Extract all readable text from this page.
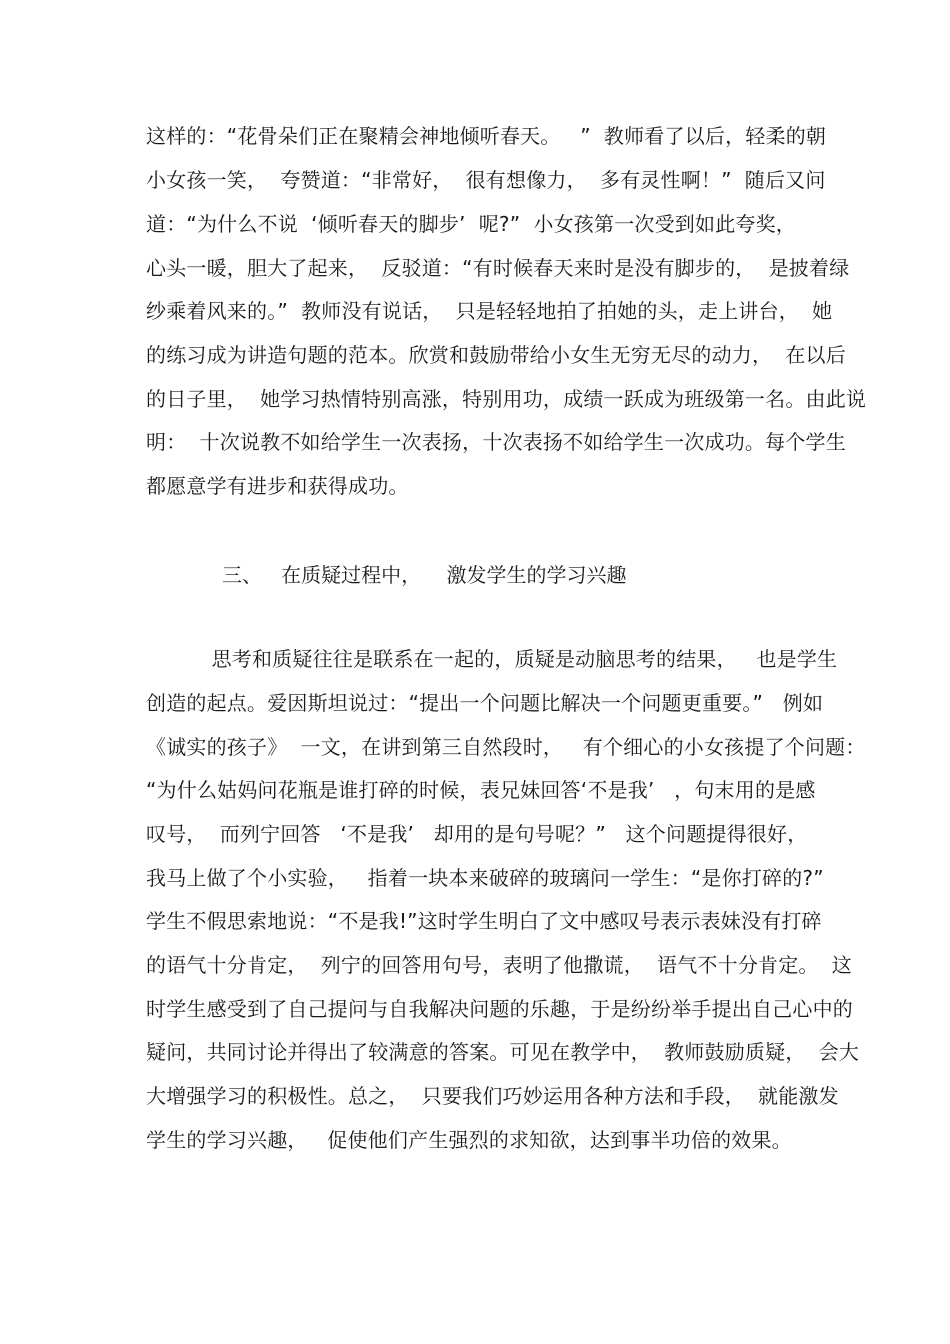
这样的：“花骨朵们正在聚精会神地倾听春天。   ”  教师看了以后，轻柔的朝
小女孩一笑，  夸赞道：“非常好，  很有想像力，  多有灵性啊！”  随后又问
道：“为什么不说  ‘倾听春天的脚步’  呢?”  小女孩第一次受到如此夸奖，
心头一暖，胆大了起来，  反驳道：“有时候春天来时是没有脚步的，  是披着绿
纱乘着风来的。”  教师没有说话，  只是轻轻地拍了拍她的头，走上讲台，  她
的练习成为讲造句题的范本。欣赏和鼓励带给小女生无穷无尽的动力，  在以后
的日子里，  她学习热情特别高涨，特别用功，成绩一跃成为班级第一名。由此说
明：  十次说教不如给学生一次表扬，十次表扬不如给学生一次成功。每个学生
都愿意学有进步和获得成功。
三、   在质疑过程中，    激发学生的学习兴趣
思考和质疑往往是联系在一起的，质疑是动脑思考的结果，   也是学生
创造的起点。爱因斯坦说过：“提出一个问题比解决一个问题更重要。”   例如
《诚实的孩子》  一文，在讲到第三自然段时，   有个细心的小女孩提了个问题：
“为什么姑妈问花瓶是谁打碎的时候，表兄妹回答‘不是我’   ，句末用的是感
叹号，  而列宁回答   ‘不是我’   却用的是句号呢？”   这个问题提得很好，
我马上做了个小实验，   指着一块本来破碎的玻璃问一学生：“是你打碎的?”
学生不假思索地说：“不是我!”这时学生明白了文中感叹号表示表妹没有打碎
的语气十分肯定，  列宁的回答用句号，表明了他撒谎，  语气不十分肯定。  这
时学生感受到了自己提问与自我解决问题的乐趣，于是纷纷举手提出自己心中的
疑问，共同讨论并得出了较满意的答案。可见在教学中，  教师鼓励质疑，  会大
大增强学习的积极性。总之，  只要我们巧妙运用各种方法和手段，  就能激发
学生的学习兴趣，   促使他们产生强烈的求知欲，达到事半功倍的效果。
